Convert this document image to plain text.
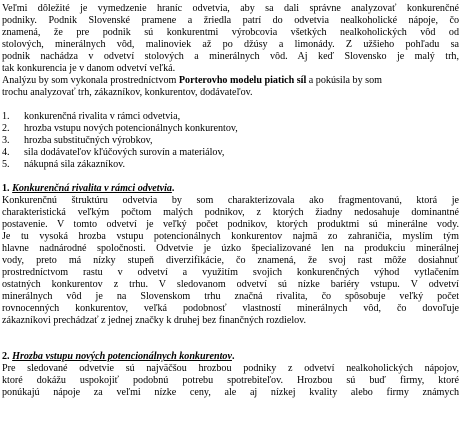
Veľmi dôležité je vymedzenie hraníc odvetvia, aby sa dali správne analyzovať konkurenčné
podniky. Podnik Slovenské pramene a žriedla patrí do odvetvia nealkoholické nápoje, čo
znamená, že pre podnik sú konkurentmi výrobcovia všetkých nealkoholických vôd od
stolových, minerálnych vôd, malinoviek až po džúsy a limonády. Z užšieho pohľadu sa
podnik nachádza v odvetví stolových a minerálnych vôd. Aj keď Slovensko je malý trh,
tak konkurencia je v danom odvetví veľká.
Analýzu by som vykonala prostredníctvom Porterovho modelu piatich síl a pokúsila by som
trochu analyzovať trh, zákazníkov, konkurentov, dodávateľov.
1. konkurenčná rivalita v rámci odvetvia,
2. hrozba vstupu nových potencionálnych konkurentov,
3. hrozba substitučných výrobkov,
4. sila dodávateľov kľúčových surovín a materiálov,
5. nákupná sila zákazníkov.
1. Konkurenčná rivalita v rámci odvetvia.
Konkurenčnú štruktúru odvetvia by som charakterizovala ako fragmentovanú, ktorá je
charakteristická veľkým počtom malých podnikov, z ktorých žiadny nedosahuje dominantné
postavenie. V tomto odvetví je veľký počet podnikov, ktorých produktmi sú minerálne vody.
Je tu vysoká hrozba vstupu potencionálnych konkurentov najmä zo zahraničia, myslím tým
hlavne nadnárodné spoločnosti. Odvetvie je úzko špecializované len na produkciu minerálnej
vody, preto má nízky stupeň diverzifikácie, čo znamená, že svoj rast môže dosiahnuť
prostredníctvom rastu v odvetví a využitím svojich konkurenčných výhod vytlačením
ostatných konkurentov z trhu. V sledovanom odvetví sú nízke bariéry vstupu. V odvetví
minerálnych vôd je na Slovenskom trhu značná rivalita, čo spôsobuje veľký počet
rovnocenných konkurentov, veľká podobnosť vlastností minerálnych vôd, čo dovoľuje
zákazníkovi prechádzať z jednej značky k druhej bez finančných rozdielov.
2. Hrozba vstupu nových potencionálnych konkurentov.
Pre sledované odvetvie sú najväčšou hrozbou podniky z odvetví nealkoholických nápojov,
ktoré dokážu uspokojiť podobnú potrebu spotrebiteľov. Hrozbou sú buď firmy, ktoré
ponúkajú nápoje za veľmi nízke ceny, ale aj nízkej kvality alebo firmy známych
